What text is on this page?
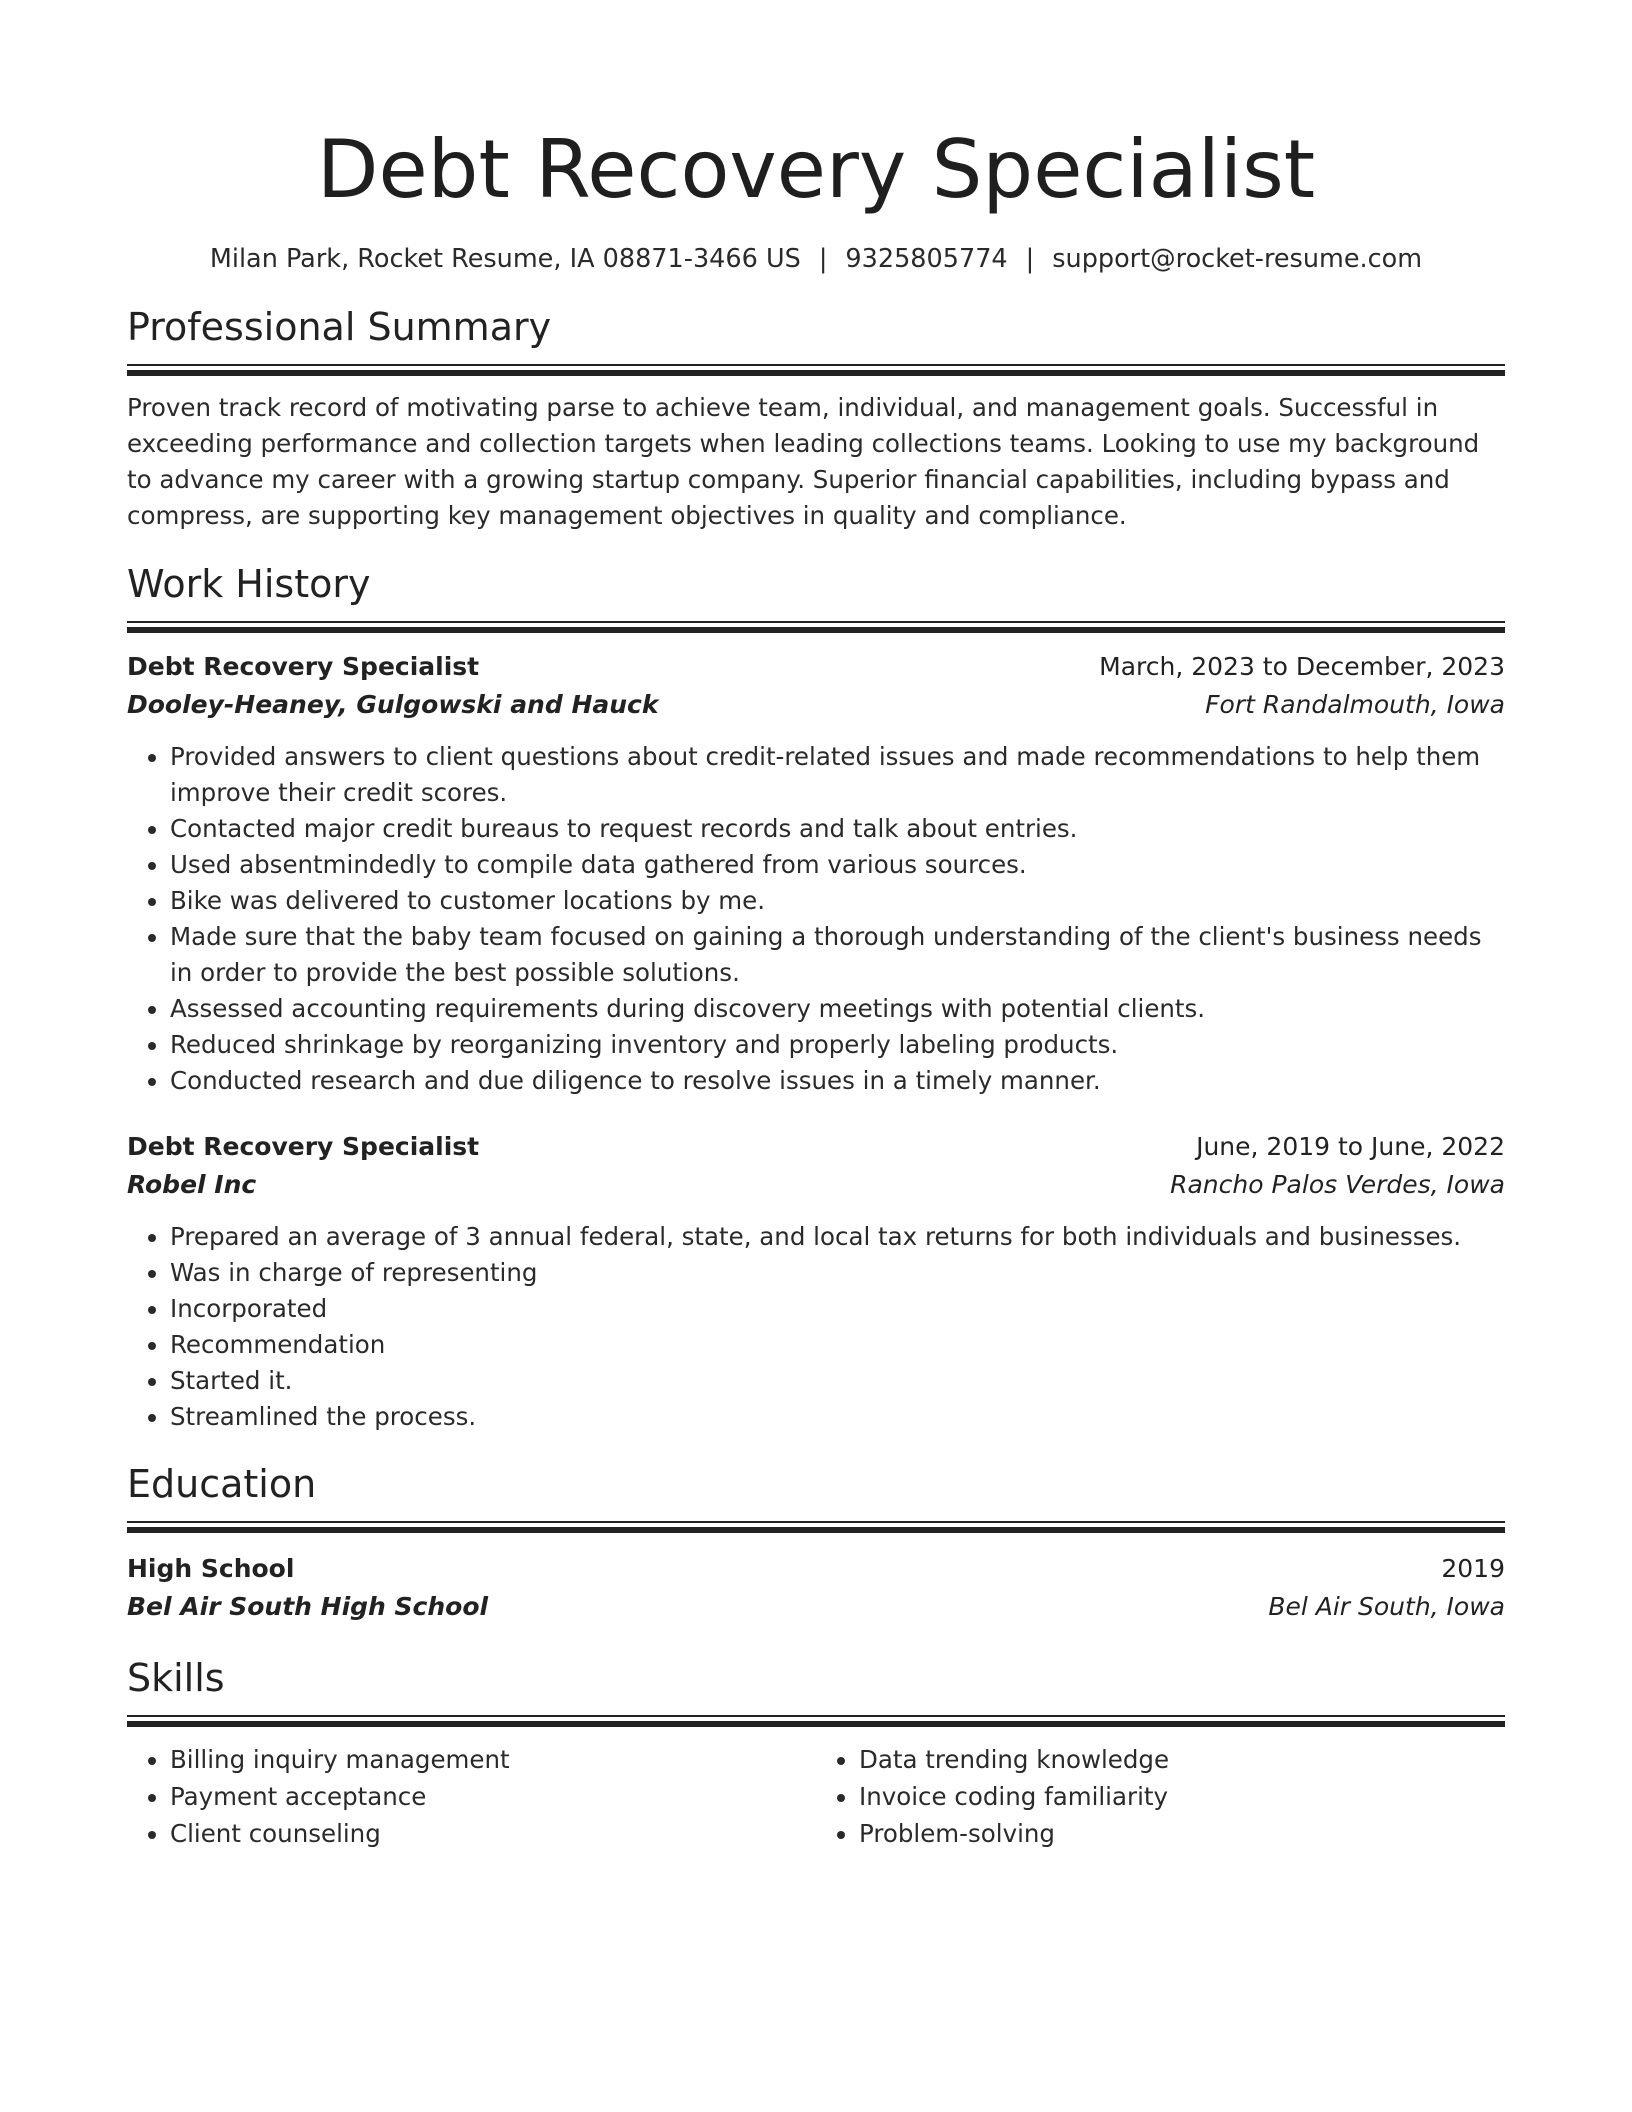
Debt Recovery Specialist
Milan Park, Rocket Resume, IA 08871-3466 US | 9325805774 | support@rocket-resume.com
Professional Summary

Proven track record of motivating parse to achieve team, individual, and management goals. Successful in exceeding performance and collection targets when leading collections teams. Looking to use my background to advance my career with a growing startup company. Superior financial capabilities, including bypass and compress, are supporting key management objectives in quality and compliance.

Work History
Debt Recovery Specialist	March, 2023 to December, 2023
Dooley-Heaney, Gulgowski and Hauck	Fort Randalmouth, Iowa
• Provided answers to client questions about credit-related issues and made recommendations to help them improve their credit scores.
• Contacted major credit bureaus to request records and talk about entries.
• Used absentmindedly to compile data gathered from various sources.
• Bike was delivered to customer locations by me.
• Made sure that the baby team focused on gaining a thorough understanding of the client's business needs in order to provide the best possible solutions.
• Assessed accounting requirements during discovery meetings with potential clients.
• Reduced shrinkage by reorganizing inventory and properly labeling products.
• Conducted research and due diligence to resolve issues in a timely manner.
Debt Recovery Specialist	June, 2019 to June, 2022
Robel Inc	Rancho Palos Verdes, Iowa
• Prepared an average of 3 annual federal, state, and local tax returns for both individuals and businesses.
• Was in charge of representing
• Incorporated
• Recommendation
• Started it.
• Streamlined the process.
Education
High School	2019
Bel Air South High School	Bel Air South, Iowa
Skills
• Billing inquiry management
• Payment acceptance
• Client counseling
• Data trending knowledge
• Invoice coding familiarity
• Problem-solving
